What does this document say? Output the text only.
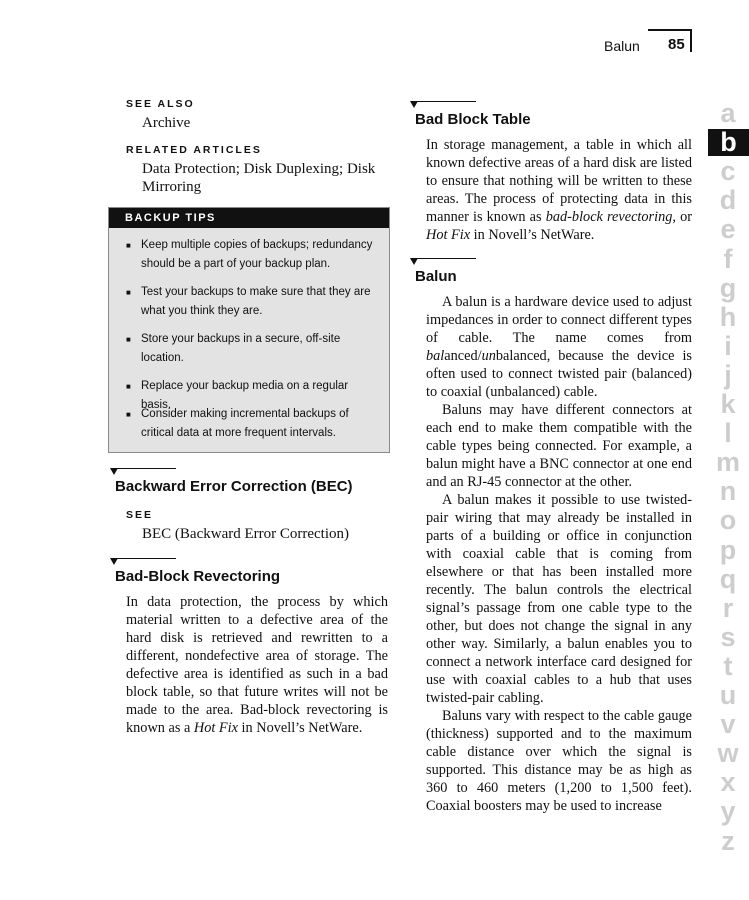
Balun 85
SEE ALSO
Archive
RELATED ARTICLES
Data Protection; Disk Duplexing; Disk
Mirroring
BACKUP TIPS
■ Keep multiple copies of backups; redundancy
should be a part of your backup plan.
■ Test your backups to make sure that they are
what you think they are.
■ Store your backups in a secure, off-site
location.
■ Replace your backup media on a regular basis.
■ Consider making incremental backups of
critical data at more frequent intervals.
Backward Error Correction (BEC)
SEE
BEC (Backward Error Correction)
Bad-Block Revectoring

In data protection, the process by which material written to a defective area of the hard disk is retrieved and rewritten to a different, nondefective area of storage. The defective area is identified as such in a bad block table, so that future writes will not be made to the area. Bad-block revectoring is known as a Hot Fix in Novell’s NetWare.

Bad Block Table

In storage management, a table in which all known defective areas of a hard disk are listed to ensure that nothing will be written to these areas. The process of protecting data in this manner is known as bad-block revectoring, or Hot Fix in Novell’s NetWare.

Balun

A balun is a hardware device used to adjust impedances in order to connect different types of cable. The name comes from balanced/unbalanced, because the device is often used to connect twisted pair (balanced) to coaxial (unbalanced) cable.

Baluns may have different connectors at each end to make them compatible with the cable types being connected. For example, a balun might have a BNC connector at one end and an RJ-45 connector at the other.

A balun makes it possible to use twisted-pair wiring that may already be installed in parts of a building or office in conjunction with coaxial cable that is coming from elsewhere or that has been installed more recently. The balun controls the electrical signal’s passage from one cable type to the other, but does not change the signal in any other way. Similarly, a balun enables you to connect a network interface card designed for use with coaxial cables to a hub that uses twisted-pair cabling.

Baluns vary with respect to the cable gauge (thickness) supported and to the maximum cable distance over which the signal is supported. This distance may be as high as 360 to 460 meters (1,200 to 1,500 feet). Coaxial boosters may be used to increase

a
b
c
d
e
f
g
h
i
j
k
l
m
n
o
p
q
r
s
t
u
v
w
x
y
z
